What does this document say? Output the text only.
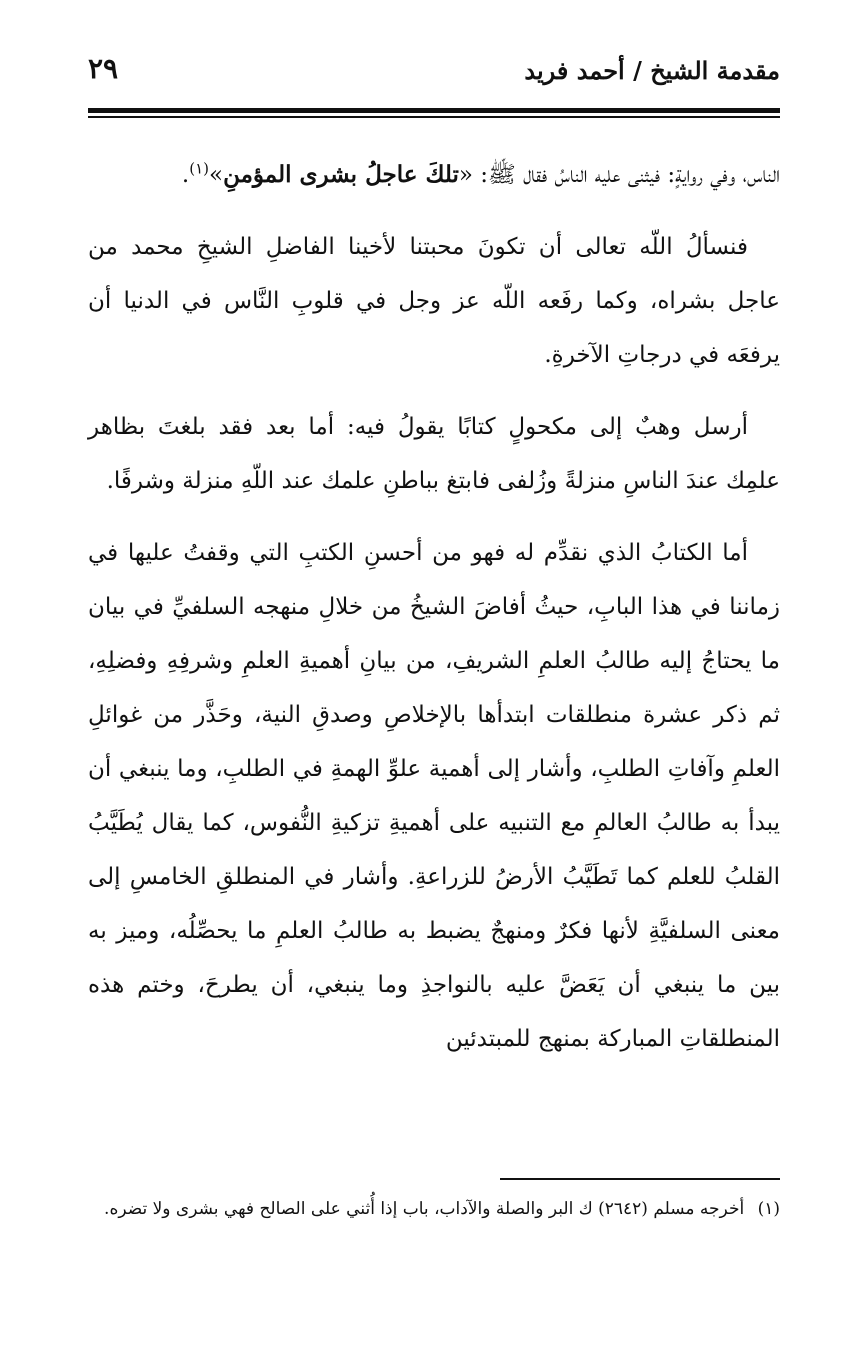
مقدمة الشيخ / أحمد فريد
٢٩

الناس، وفي روايةٍ: فيثنى عليه الناسُ فقال ﷺ: «تلكَ عاجلُ بشرى المؤمنِ»$^{(١)}$.

فنسألُ اللّه تعالى أن تكونَ محبتنا لأخينا الفاضلِ الشيخِ محمد من عاجل بشراه، وكما رفَعه اللّه عز وجل في قلوبِ النَّاس في الدنيا أن يرفعَه في درجاتِ الآخرةِ.

أرسل وهبٌ إلى مكحولٍ كتابًا يقولُ فيه: أما بعد فقد بلغتَ بظاهر علمِك عندَ الناسِ منزلةً وزُلفى فابتغ بباطنِ علمك عند اللّهِ منزلة وشرفًا.

أما الكتابُ الذي نقدِّم له فهو من أحسنِ الكتبِ التي وقفتُ عليها في زماننا في هذا البابِ، حيثُ أفاضَ الشيخُ من خلالِ منهجه السلفيِّ في بيان ما يحتاجُ إليه طالبُ العلمِ الشريفِ، من بيانِ أهميةِ العلمِ وشرفِهِ وفضلِهِ، ثم ذكر عشرة منطلقات ابتدأها بالإخلاصِ وصدقِ النية، وحَذَّر من غوائلِ العلمِ وآفاتِ الطلبِ، وأشار إلى أهمية علوِّ الهمةِ في الطلبِ، وما ينبغي أن يبدأ به طالبُ العالمِ مع التنبيه على أهميةِ تزكيةِ النُّفوس، كما يقال يُطَيَّبُ القلبُ للعلم كما تَطَيَّبُ الأرضُ للزراعةِ. وأشار في المنطلقِ الخامسِ إلى معنى السلفيَّةِ لأنها فكرٌ ومنهجٌ يضبط به طالبُ العلمِ ما يحصِّلُه، وميز به بين ما ينبغي أن يَعَضَّ عليه بالنواجذِ وما ينبغي، أن يطرحَ، وختم هذه المنطلقاتِ المباركة بمنهج للمبتدئين

(١) أخرجه مسلم (٢٦٤٢) ك البر والصلة والآداب، باب إذا أُثني على الصالح فهي بشرى ولا تضره.
